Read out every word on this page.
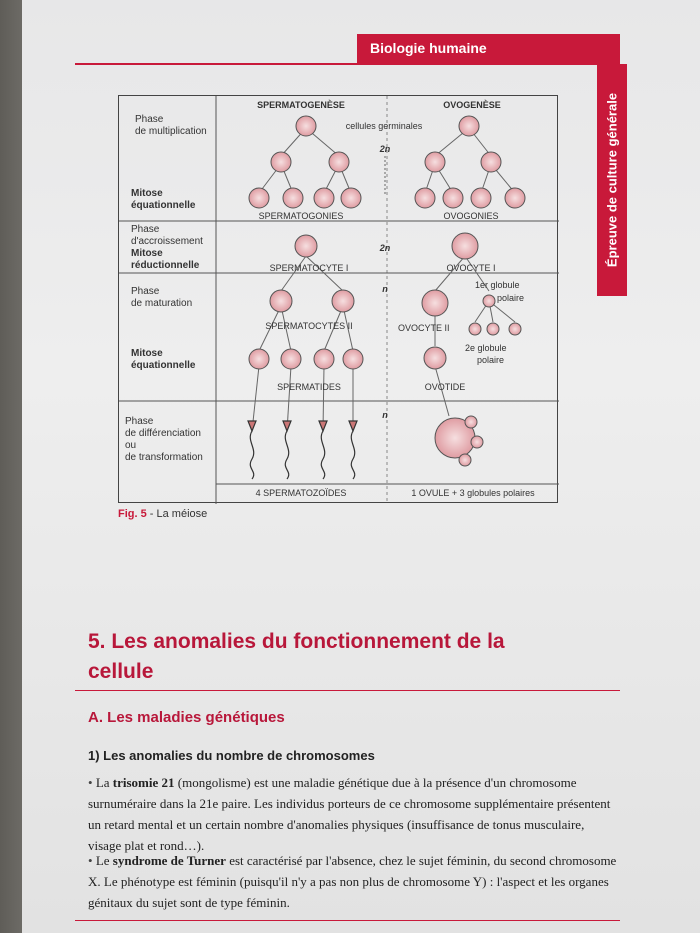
Biologie humaine
Épreuve de culture générale
SPERMATOGENÈSE	OVOGENÈSE
cellules germinales
2n
2n
n
n
SPERMATOGONIES	OVOGONIES
SPERMATOCYTE I	OVOCYTE I
SPERMATOCYTES II	OVOCYTE II
1er globule
polaire
2e globule
polaire
SPERMATIDES	OVOTIDE
4 SPERMATOZOÏDES	1 OVULE + 3 globules polaires
Phase
de multiplication
Mitose
équationnelle
Phase
d'accroissement
Mitose
réductionnelle
Phase
de maturation
Mitose
équationnelle
Phase
de différenciation
ou
de transformation
Fig. 5 - La méiose
5. Les anomalies du fonctionnement de la cellule
A. Les maladies génétiques
1) Les anomalies du nombre de chromosomes
• La trisomie 21 (mongolisme) est une maladie génétique due à la présence d'un chromosome surnuméraire dans la 21e paire. Les individus porteurs de ce chromosome supplémentaire présentent un retard mental et un certain nombre d'anomalies physiques (insuffisance de tonus musculaire, visage plat et rond…).
• Le syndrome de Turner est caractérisé par l'absence, chez le sujet féminin, du second chromosome X. Le phénotype est féminin (puisqu'il n'y a pas non plus de chromosome Y) : l'aspect et les organes génitaux du sujet sont de type féminin.
